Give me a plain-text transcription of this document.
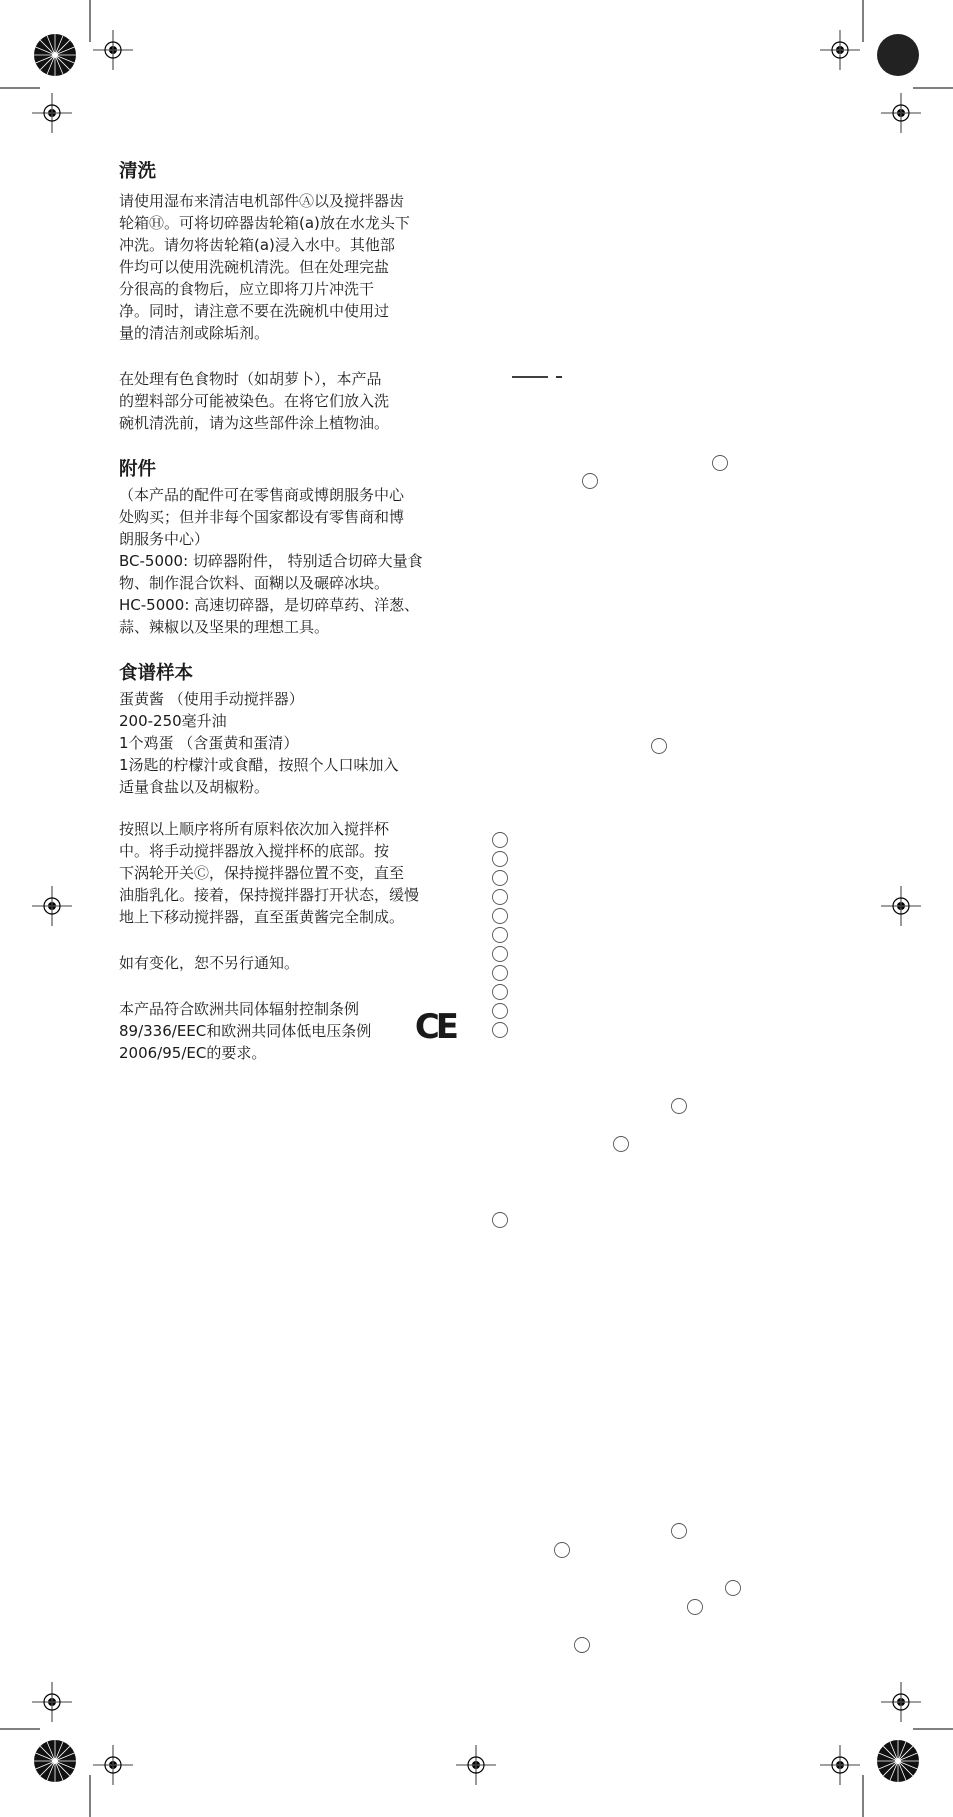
清洗
请使用湿布来清洁电机部件Ⓐ以及搅拌器齿
轮箱Ⓗ。可将切碎器齿轮箱(a)放在水龙头下
冲洗。请勿将齿轮箱(a)浸入水中。其他部
件均可以使用洗碗机清洗。但在处理完盐
分很高的食物后，应立即将刀片冲洗干
净。同时，请注意不要在洗碗机中使用过
量的清洁剂或除垢剂。
在处理有色食物时（如胡萝卜），本产品
的塑料部分可能被染色。在将它们放入洗
碗机清洗前，请为这些部件涂上植物油。
附件
（本产品的配件可在零售商或博朗服务中心
处购买；但并非每个国家都设有零售商和博
朗服务中心）
BC-5000: 切碎器附件， 特别适合切碎大量食
物、制作混合饮料、面糊以及碾碎冰块。
HC-5000: 高速切碎器，是切碎草药、洋葱、
蒜、辣椒以及坚果的理想工具。
食谱样本
蛋黄酱 （使用手动搅拌器）
200-250毫升油
1个鸡蛋 （含蛋黄和蛋清）
1汤匙的柠檬汁或食醋，按照个人口味加入
适量食盐以及胡椒粉。
按照以上顺序将所有原料依次加入搅拌杯
中。将手动搅拌器放入搅拌杯的底部。按
下涡轮开关Ⓒ，保持搅拌器位置不变，直至
油脂乳化。接着，保持搅拌器打开状态，缓慢
地上下移动搅拌器，直至蛋黄酱完全制成。
如有变化，恕不另行通知。
本产品符合欧洲共同体辐射控制条例
89/336/EEC和欧洲共同体低电压条例
2006/95/EC的要求。
CE
